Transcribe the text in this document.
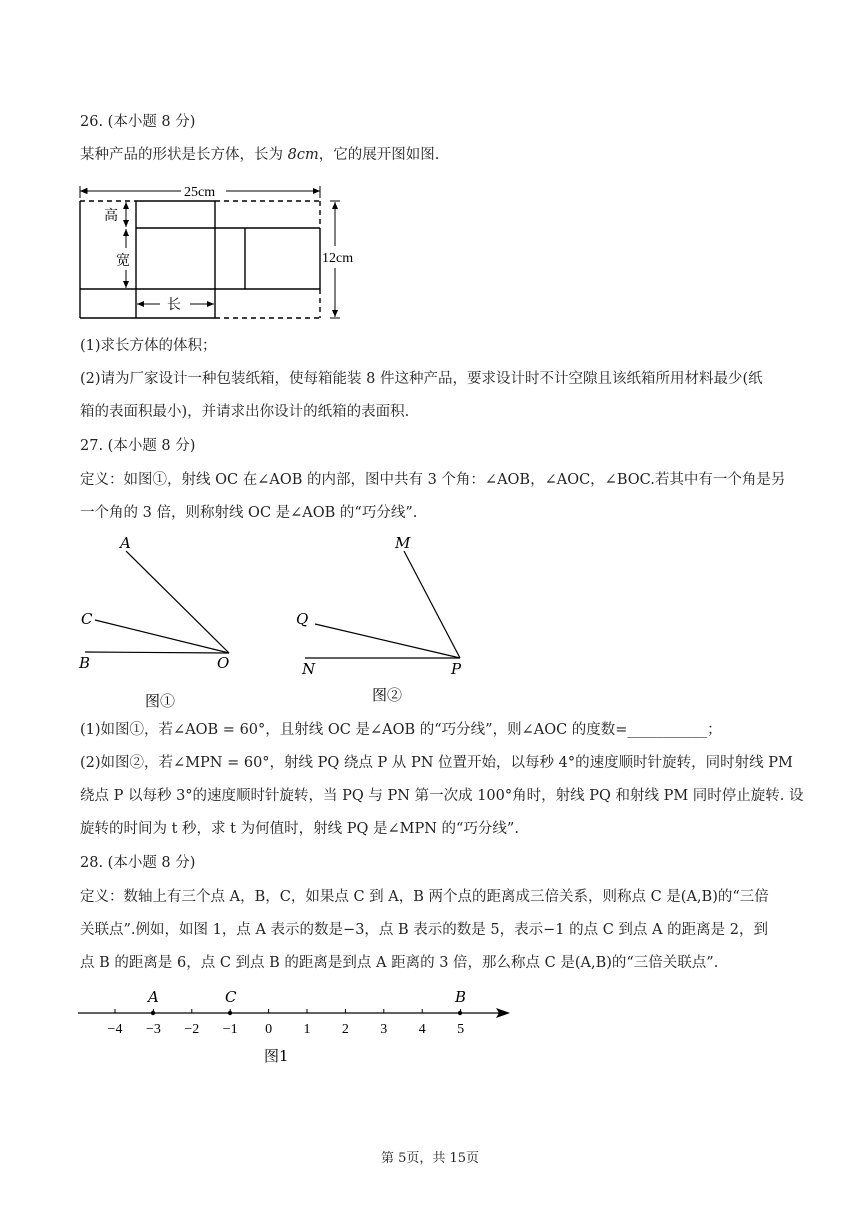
26. (本小题 8 分)
某种产品的形状是长方体，长为 8cm，它的展开图如图.
25cm
12cm
高
宽
长
(1)求长方体的体积；
(2)请为厂家设计一种包装纸箱，使每箱能装 8 件这种产品，要求设计时不计空隙且该纸箱所用材料最少(纸
箱的表面积最小)，并请求出你设计的纸箱的表面积.
27. (本小题 8 分)
定义：如图①，射线 OC 在∠AOB 的内部，图中共有 3 个角：∠AOB，∠AOC，∠BOC.若其中有一个角是另
一个角的 3 倍，则称射线 OC 是∠AOB 的“巧分线”.
A
C
B	O
图①
M
Q
N	P
图②
(1)如图①，若∠AOB = 60°，且射线 OC 是∠AOB 的“巧分线”，则∠AOC 的度数=___________；
(2)如图②，若∠MPN = 60°，射线 PQ 绕点 P 从 PN 位置开始，以每秒 4°的速度顺时针旋转，同时射线 PM
绕点 P 以每秒 3°的速度顺时针旋转，当 PQ 与 PN 第一次成 100°角时，射线 PQ 和射线 PM 同时停止旋转. 设
旋转的时间为 t 秒，求 t 为何值时，射线 PQ 是∠MPN 的“巧分线”.
28. (本小题 8 分)
定义：数轴上有三个点 A，B，C，如果点 C 到 A，B 两个点的距离成三倍关系，则称点 C 是(A,B)的“三倍
关联点”.例如，如图 1，点 A 表示的数是−3，点 B 表示的数是 5，表示−1 的点 C 到点 A 的距离是 2，到
点 B 的距离是 6，点 C 到点 B 的距离是到点 A 距离的 3 倍，那么称点 C 是(A,B)的“三倍关联点”.
−4 −3 −2 −1 0 1 2 3 4 5
A	C	B
图1
第 5页，共 15页
